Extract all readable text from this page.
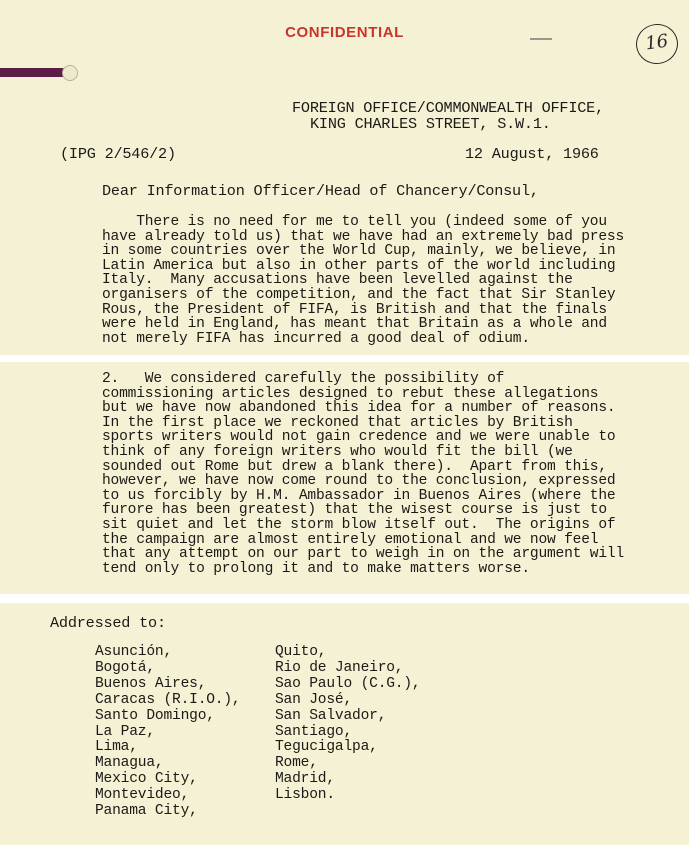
CONFIDENTIAL	16
FOREIGN OFFICE/COMMONWEALTH OFFICE,
KING CHARLES STREET, S.W.1.
(IPG 2/546/2)	12 August, 1966
Dear Information Officer/Head of Chancery/Consul,
There is no need for me to tell you (indeed some of you
have already told us) that we have had an extremely bad press
in some countries over the World Cup, mainly, we believe, in
Latin America but also in other parts of the world including
Italy.  Many accusations have been levelled against the
organisers of the competition, and the fact that Sir Stanley
Rous, the President of FIFA, is British and that the finals
were held in England, has meant that Britain as a whole and
not merely FIFA has incurred a good deal of odium.
2.   We considered carefully the possibility of
commissioning articles designed to rebut these allegations
but we have now abandoned this idea for a number of reasons.
In the first place we reckoned that articles by British
sports writers would not gain credence and we were unable to
think of any foreign writers who would fit the bill (we
sounded out Rome but drew a blank there).  Apart from this,
however, we have now come round to the conclusion, expressed
to us forcibly by H.M. Ambassador in Buenos Aires (where the
furore has been greatest) that the wisest course is just to
sit quiet and let the storm blow itself out.  The origins of
the campaign are almost entirely emotional and we now feel
that any attempt on our part to weigh in on the argument will
tend only to prolong it and to make matters worse.
Addressed to:
Asunción,
Bogotá,
Buenos Aires,
Caracas (R.I.O.),
Santo Domingo,
La Paz,
Lima,
Managua,
Mexico City,
Montevideo,
Panama City,
Quito,
Rio de Janeiro,
Sao Paulo (C.G.),
San José,
San Salvador,
Santiago,
Tegucigalpa,
Rome,
Madrid,
Lisbon.
